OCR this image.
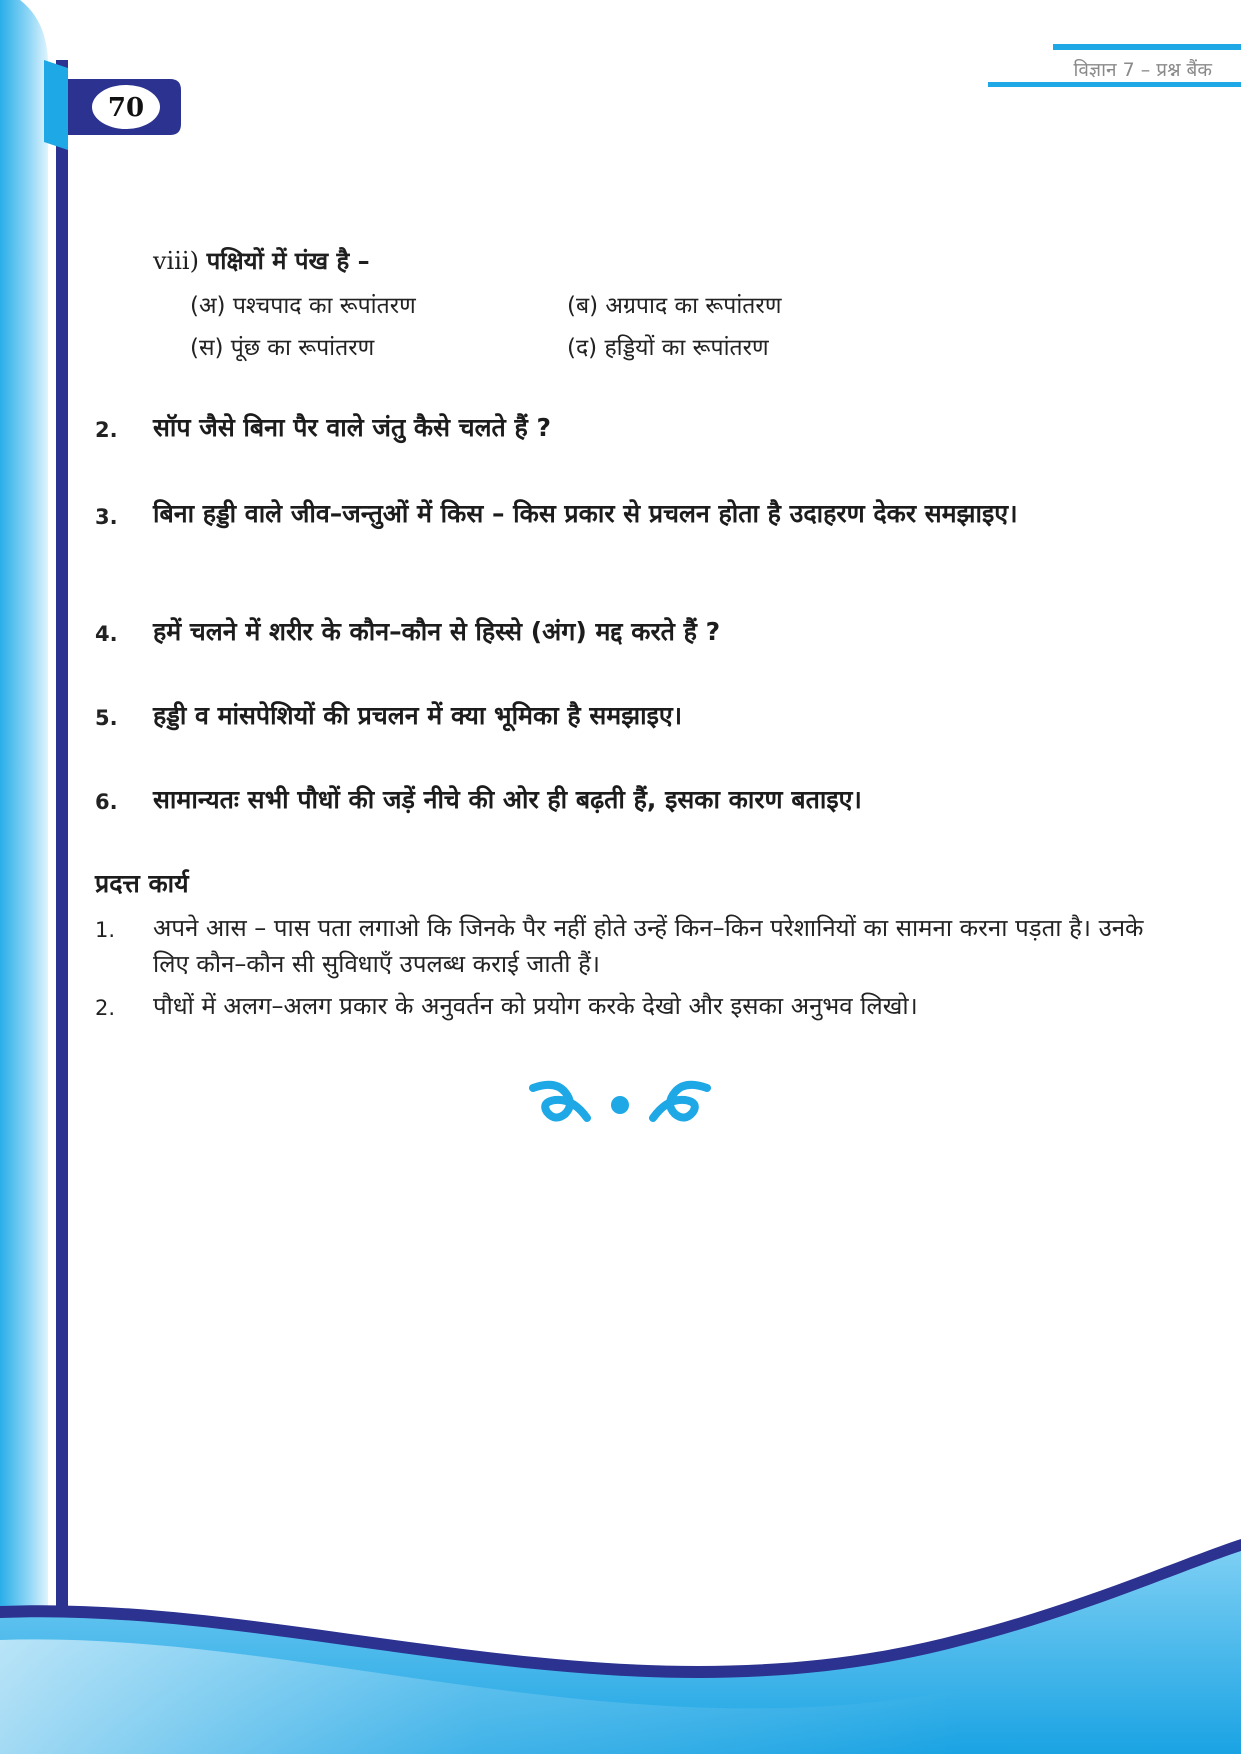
विज्ञान 7 – प्रश्न बैंक
70
viii) पक्षियों में पंख है –
(अ) पश्चपाद का रूपांतरण	(ब) अग्रपाद का रूपांतरण
(स) पूंछ का रूपांतरण	(द) हड्डियों का रूपांतरण
2. सॉप जैसे बिना पैर वाले जंतु कैसे चलते हैं ?
3. बिना हड्डी वाले जीव–जन्तुओं में किस – किस प्रकार से प्रचलन होता है उदाहरण देकर समझाइए।
4. हमें चलने में शरीर के कौन–कौन से हिस्से (अंग) मद्द करते हैं ?
5. हड्डी व मांसपेशियों की प्रचलन में क्या भूमिका है समझाइए।
6. सामान्यतः सभी पौधों की जड़ें नीचे की ओर ही बढ़ती हैं, इसका कारण बताइए।
प्रदत्त कार्य
1. अपने आस – पास पता लगाओ कि जिनके पैर नहीं होते उन्हें किन–किन परेशानियों का सामना करना पड़ता है। उनके लिए कौन–कौन सी सुविधाएँ उपलब्ध कराई जाती हैं।
2. पौधों में अलग–अलग प्रकार के अनुवर्तन को प्रयोग करके देखो और इसका अनुभव लिखो।
